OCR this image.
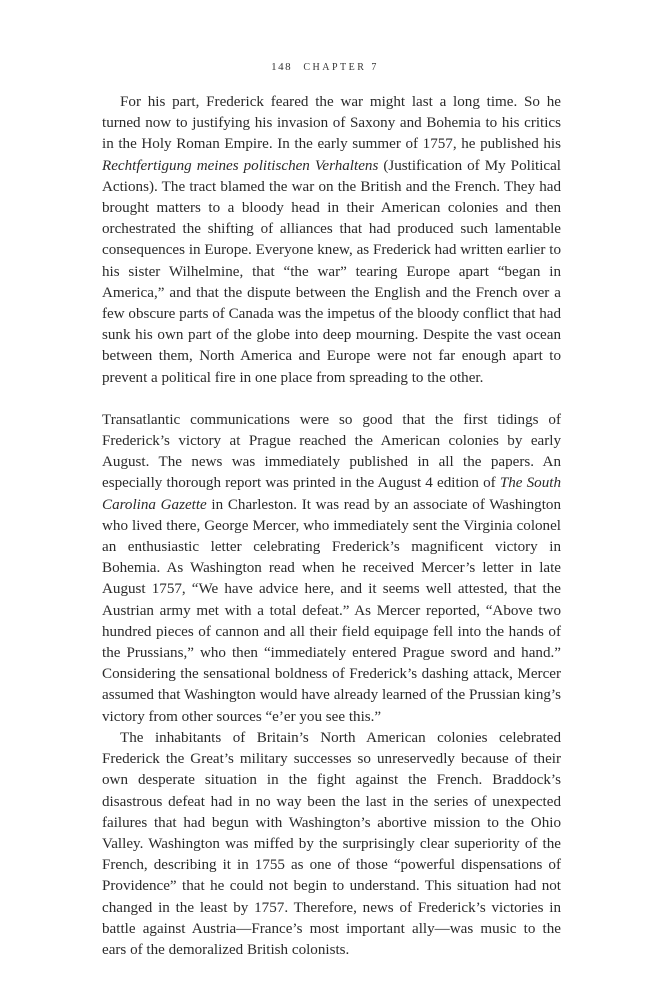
148 CHAPTER 7

For his part, Frederick feared the war might last a long time. So he turned now to justifying his invasion of Saxony and Bohemia to his critics in the Holy Roman Empire. In the early summer of 1757, he published his Rechtfertigung meines politischen Verhaltens (Justification of My Political Actions). The tract blamed the war on the British and the French. They had brought matters to a bloody head in their American colonies and then orchestrated the shifting of alliances that had produced such lamentable consequences in Europe. Everyone knew, as Frederick had written earlier to his sister Wilhelmine, that “the war” tearing Europe apart “began in America,” and that the dispute between the English and the French over a few obscure parts of Canada was the impetus of the bloody conflict that had sunk his own part of the globe into deep mourning. Despite the vast ocean between them, North America and Europe were not far enough apart to prevent a political fire in one place from spreading to the other.

Transatlantic communications were so good that the first tidings of Frederick’s victory at Prague reached the American colonies by early August. The news was immediately published in all the papers. An especially thorough report was printed in the August 4 edition of The South Carolina Gazette in Charleston. It was read by an associate of Washington who lived there, George Mercer, who immediately sent the Virginia colonel an enthusiastic letter celebrating Frederick’s magnificent victory in Bohemia. As Washington read when he received Mercer’s letter in late August 1757, “We have advice here, and it seems well attested, that the Austrian army met with a total defeat.” As Mercer reported, “Above two hundred pieces of cannon and all their field equipage fell into the hands of the Prussians,” who then “immediately entered Prague sword and hand.” Considering the sensational boldness of Frederick’s dashing attack, Mercer assumed that Washington would have already learned of the Prussian king’s victory from other sources “e’er you see this.”

The inhabitants of Britain’s North American colonies celebrated Frederick the Great’s military successes so unreservedly because of their own desperate situation in the fight against the French. Braddock’s disastrous defeat had in no way been the last in the series of unexpected failures that had begun with Washington’s abortive mission to the Ohio Valley. Washington was miffed by the surprisingly clear superiority of the French, describing it in 1755 as one of those “powerful dispensations of Providence” that he could not begin to understand. This situation had not changed in the least by 1757. Therefore, news of Frederick’s victories in battle against Austria—France’s most important ally—was music to the ears of the demoralized British colonists.
